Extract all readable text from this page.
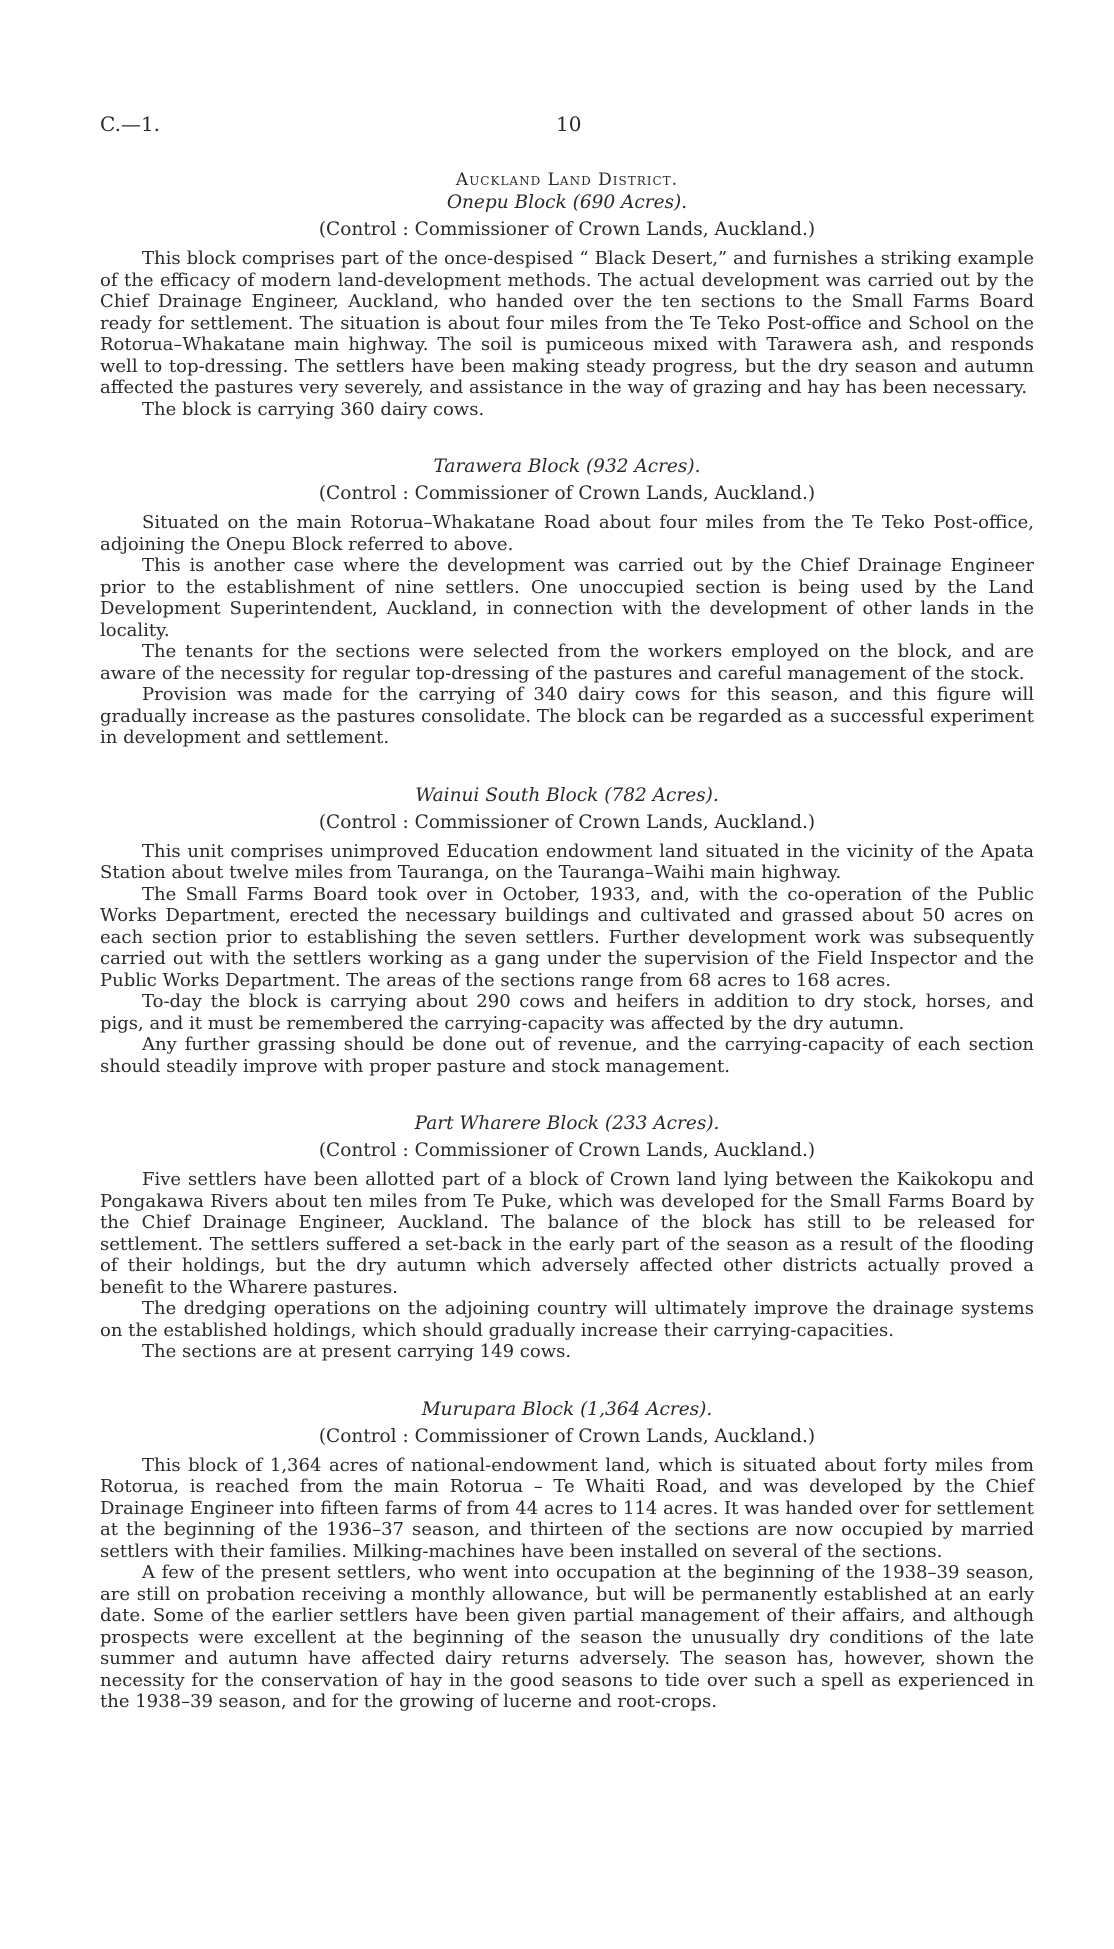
C.—1.	10
Auckland Land District.
Onepu Block (690 Acres).
(Control : Commissioner of Crown Lands, Auckland.)

This block comprises part of the once-despised “ Black Desert,” and furnishes a striking example of the efficacy of modern land-development methods. The actual development was carried out by the Chief Drainage Engineer, Auckland, who handed over the ten sections to the Small Farms Board ready for settlement. The situation is about four miles from the Te Teko Post-office and School on the Rotorua–Whakatane main highway. The soil is pumiceous mixed with Tarawera ash, and responds well to top-dressing. The settlers have been making steady progress, but the dry season and autumn affected the pastures very severely, and assistance in the way of grazing and hay has been necessary.

The block is carrying 360 dairy cows.

Tarawera Block (932 Acres).
(Control : Commissioner of Crown Lands, Auckland.)

Situated on the main Rotorua–Whakatane Road about four miles from the Te Teko Post-office, adjoining the Onepu Block referred to above.

This is another case where the development was carried out by the Chief Drainage Engineer prior to the establishment of nine settlers. One unoccupied section is being used by the Land Development Superintendent, Auckland, in connection with the development of other lands in the locality.

The tenants for the sections were selected from the workers employed on the block, and are aware of the necessity for regular top-dressing of the pastures and careful management of the stock.

Provision was made for the carrying of 340 dairy cows for this season, and this figure will gradually increase as the pastures consolidate. The block can be regarded as a successful experiment in development and settlement.

Wainui South Block (782 Acres).
(Control : Commissioner of Crown Lands, Auckland.)

This unit comprises unimproved Education endowment land situated in the vicinity of the Apata Station about twelve miles from Tauranga, on the Tauranga–Waihi main highway.

The Small Farms Board took over in October, 1933, and, with the co-operation of the Public Works Department, erected the necessary buildings and cultivated and grassed about 50 acres on each section prior to establishing the seven settlers. Further development work was subsequently carried out with the settlers working as a gang under the supervision of the Field Inspector and the Public Works Department. The areas of the sections range from 68 acres to 168 acres.

To-day the block is carrying about 290 cows and heifers in addition to dry stock, horses, and pigs, and it must be remembered the carrying-capacity was affected by the dry autumn.

Any further grassing should be done out of revenue, and the carrying-capacity of each section should steadily improve with proper pasture and stock management.

Part Wharere Block (233 Acres).
(Control : Commissioner of Crown Lands, Auckland.)

Five settlers have been allotted part of a block of Crown land lying between the Kaikokopu and Pongakawa Rivers about ten miles from Te Puke, which was developed for the Small Farms Board by the Chief Drainage Engineer, Auckland. The balance of the block has still to be released for settlement. The settlers suffered a set-back in the early part of the season as a result of the flooding of their holdings, but the dry autumn which adversely affected other districts actually proved a benefit to the Wharere pastures.

The dredging operations on the adjoining country will ultimately improve the drainage systems on the established holdings, which should gradually increase their carrying-capacities.

The sections are at present carrying 149 cows.

Murupara Block (1,364 Acres).
(Control : Commissioner of Crown Lands, Auckland.)

This block of 1,364 acres of national-endowment land, which is situated about forty miles from Rotorua, is reached from the main Rotorua – Te Whaiti Road, and was developed by the Chief Drainage Engineer into fifteen farms of from 44 acres to 114 acres. It was handed over for settlement at the beginning of the 1936–37 season, and thirteen of the sections are now occupied by married settlers with their families. Milking-machines have been installed on several of the sections.

A few of the present settlers, who went into occupation at the beginning of the 1938–39 season, are still on probation receiving a monthly allowance, but will be permanently established at an early date. Some of the earlier settlers have been given partial management of their affairs, and although prospects were excellent at the beginning of the season the unusually dry conditions of the late summer and autumn have affected dairy returns adversely. The season has, however, shown the necessity for the conservation of hay in the good seasons to tide over such a spell as experienced in the 1938–39 season, and for the growing of lucerne and root-crops.
